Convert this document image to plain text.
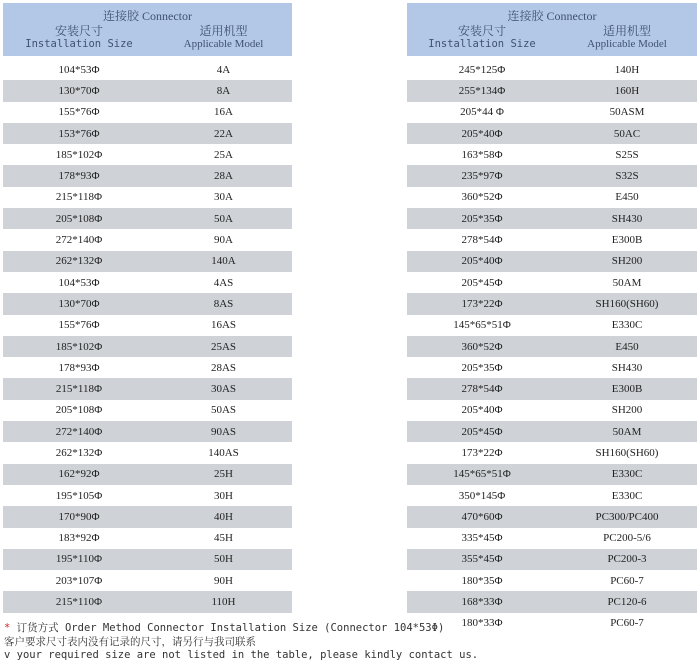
连接胶 Connector
安装尺寸
Installation Size
适用机型
Applicable Model
104*53Φ	4A
130*70Φ	8A
155*76Φ	16A
153*76Φ	22A
185*102Φ	25A
178*93Φ	28A
215*118Φ	30A
205*108Φ	50A
272*140Φ	90A
262*132Φ	140A
104*53Φ	4AS
130*70Φ	8AS
155*76Φ	16AS
185*102Φ	25AS
178*93Φ	28AS
215*118Φ	30AS
205*108Φ	50AS
272*140Φ	90AS
262*132Φ	140AS
162*92Φ	25H
195*105Φ	30H
170*90Φ	40H
183*92Φ	45H
195*110Φ	50H
203*107Φ	90H
215*110Φ	110H
连接胶 Connector
安装尺寸
Installation Size
适用机型
Applicable Model
245*125Φ	140H
255*134Φ	160H
205*44 Φ	50ASM
205*40Φ	50AC
163*58Φ	S25S
235*97Φ	S32S
360*52Φ	E450
205*35Φ	SH430
278*54Φ	E300B
205*40Φ	SH200
205*45Φ	50AM
173*22Φ	SH160(SH60)
145*65*51Φ	E330C
360*52Φ	E450
205*35Φ	SH430
278*54Φ	E300B
205*40Φ	SH200
205*45Φ	50AM
173*22Φ	SH160(SH60)
145*65*51Φ	E330C
350*145Φ	E330C
470*60Φ	PC300/PC400
335*45Φ	PC200-5/6
355*45Φ	PC200-3
180*35Φ	PC60-7
168*33Φ	PC120-6
180*33Φ	PC60-7
* 订货方式 Order Method Connector Installation Size (Connector 104*53Φ)
客户要求尺寸表内没有记录的尺寸，请另行与我司联系
v your required size are not listed in the table, please kindly contact us.
